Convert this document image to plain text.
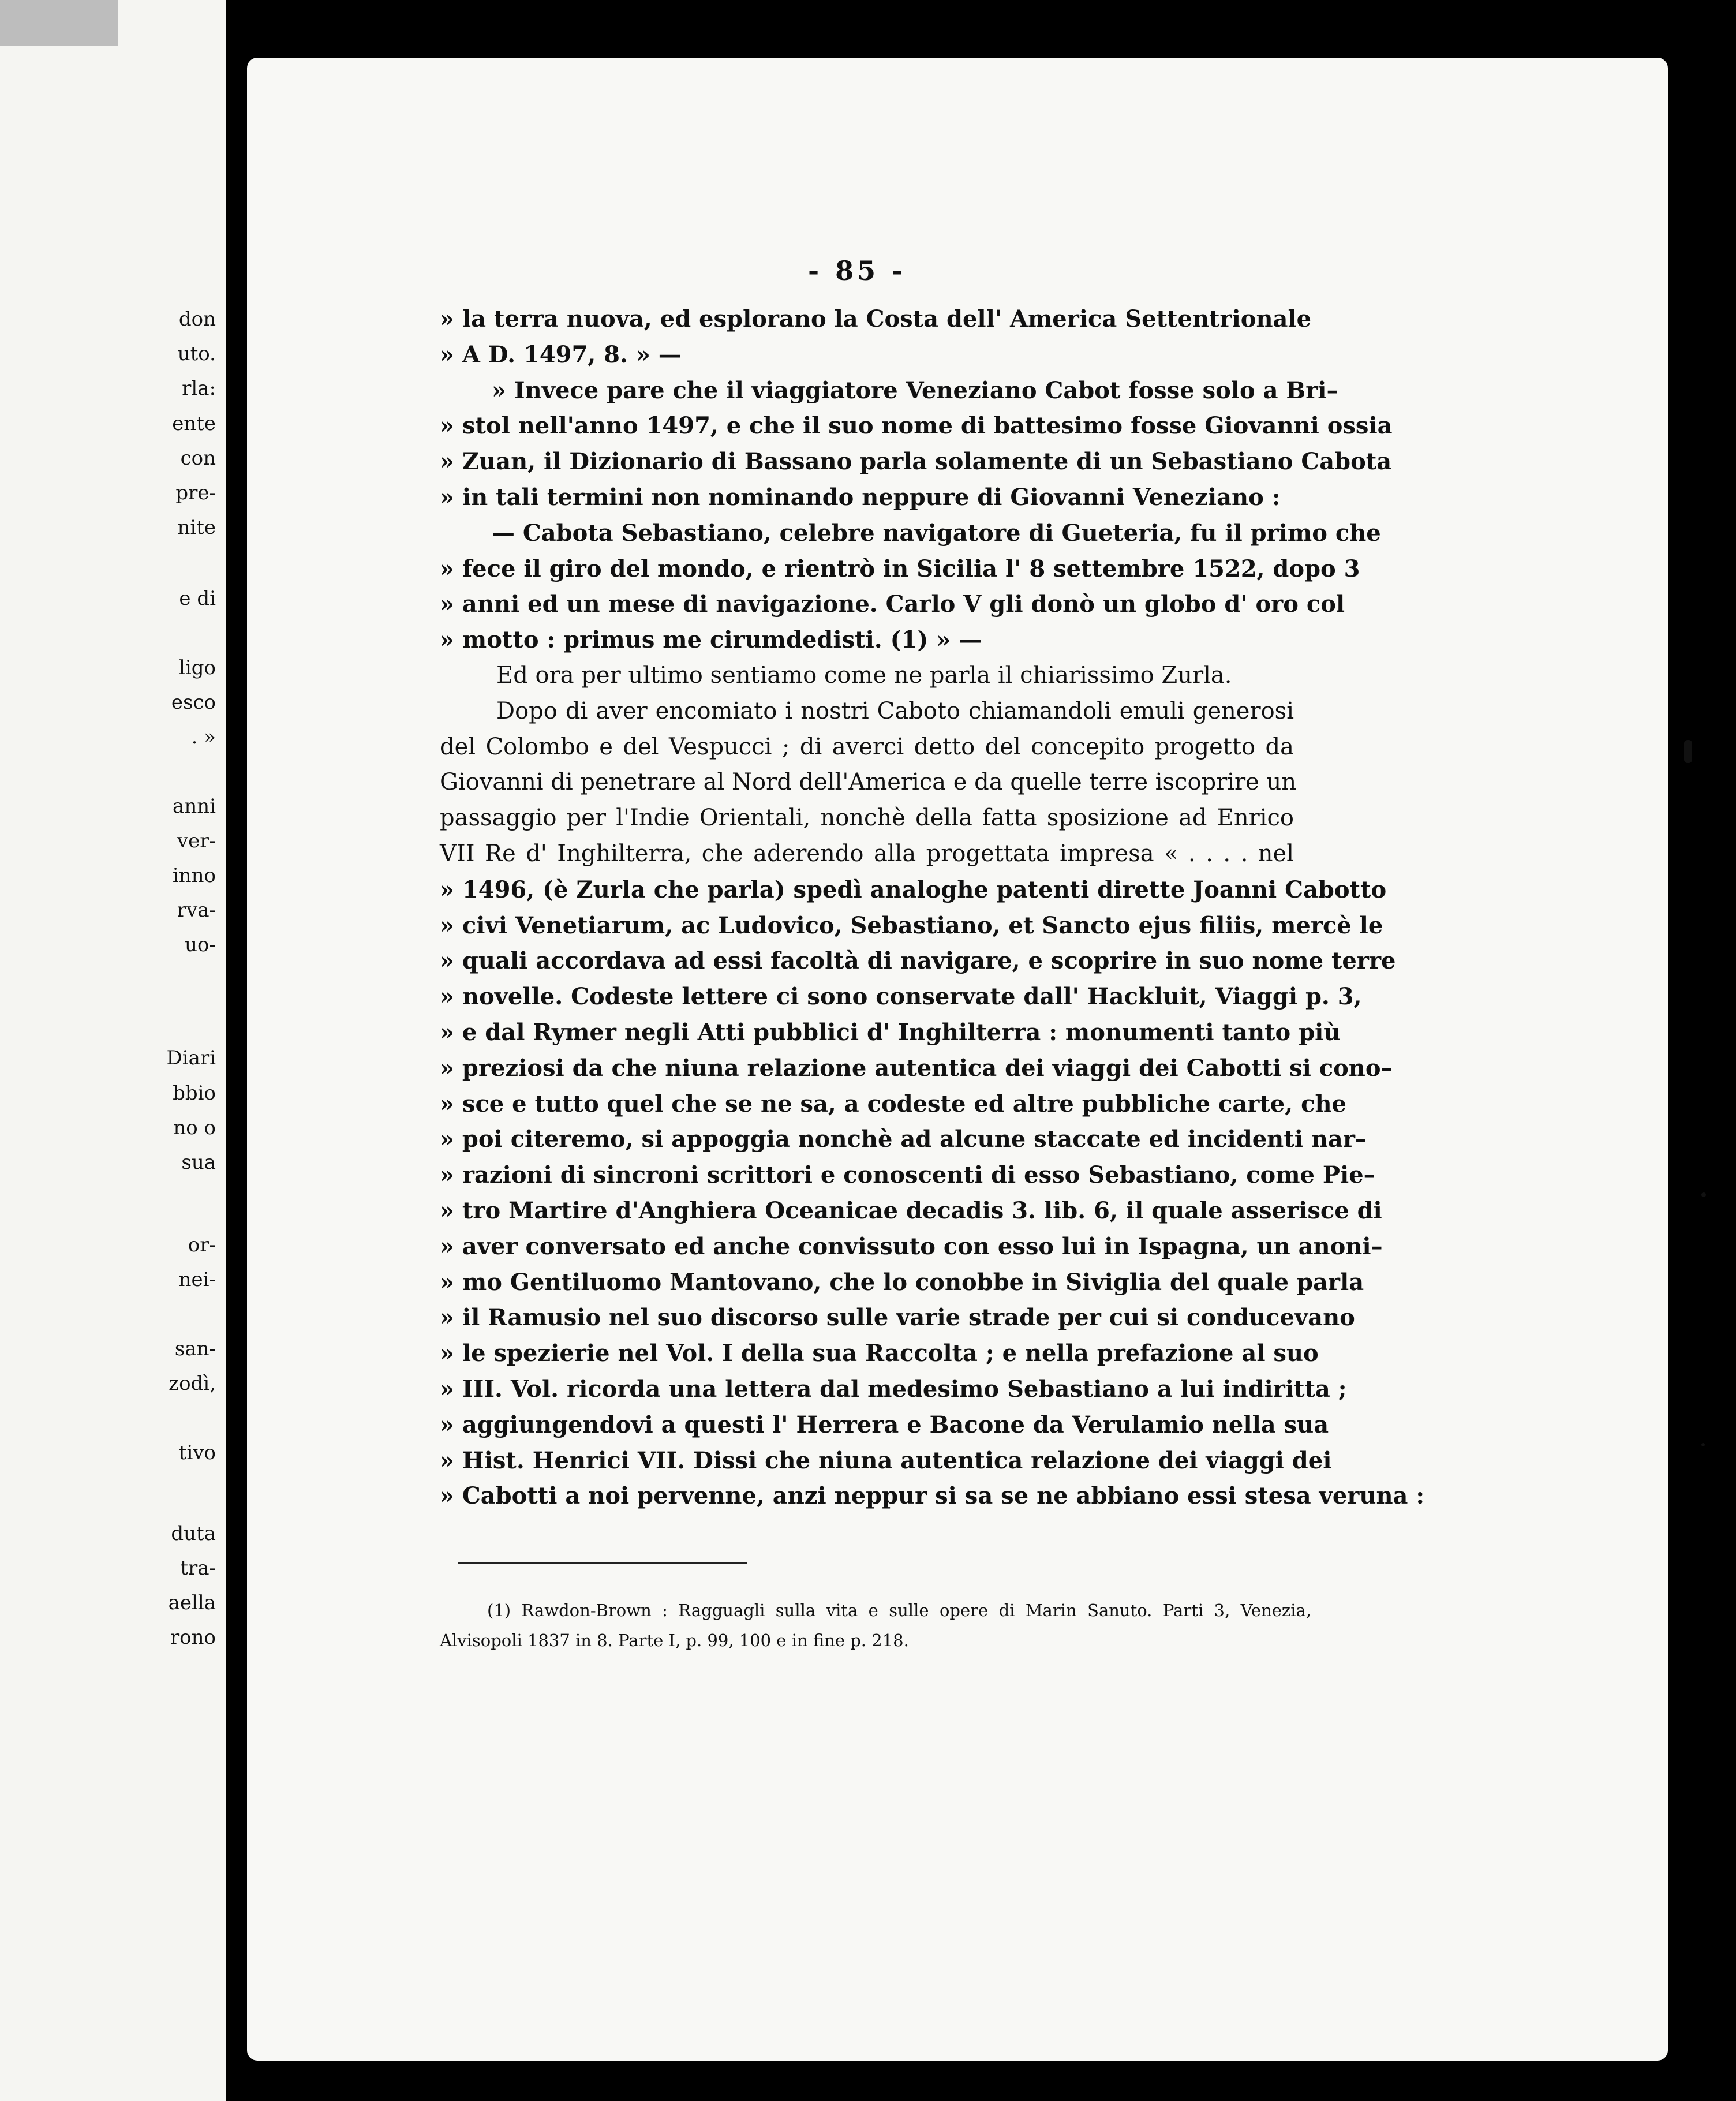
don
uto.
rla:
ente
con
pre-
nite
e di
ligo
esco
. »
anni
ver-
inno
rva-
uo-
Diari
bbio
no o
sua
or-
nei-
san-
zodì,
tivo
duta
tra-
aella
rono
- 85 -
» la terra nuova, ed esplorano la Costa dell' America Settentrionale
» A D. 1497, 8. » —
» Invece pare che il viaggiatore Veneziano Cabot fosse solo a Bri–
» stol nell'anno 1497, e che il suo nome di battesimo fosse Giovanni ossia
» Zuan, il Dizionario di Bassano parla solamente di un Sebastiano Cabota
» in tali termini non nominando neppure di Giovanni Veneziano :
— Cabota Sebastiano, celebre navigatore di Gueteria, fu il primo che
» fece il giro del mondo, e rientrò in Sicilia l' 8 settembre 1522, dopo 3
» anni ed un mese di navigazione. Carlo V gli donò un globo d' oro col
» motto : primus me cirumdedisti. (1) » —
Ed ora per ultimo sentiamo come ne parla il chiarissimo Zurla.
Dopo di aver encomiato i nostri Caboto chiamandoli emuli generosi
del Colombo e del Vespucci ; di averci detto del concepito progetto da
Giovanni di penetrare al Nord dell'America e da quelle terre iscoprire un
passaggio per l'Indie Orientali, nonchè della fatta sposizione ad Enrico
VII Re d' Inghilterra, che aderendo alla progettata impresa « . . . . nel
» 1496, (è Zurla che parla) spedì analoghe patenti dirette Joanni Cabotto
» civi Venetiarum, ac Ludovico, Sebastiano, et Sancto ejus filiis, mercè le
» quali accordava ad essi facoltà di navigare, e scoprire in suo nome terre
» novelle. Codeste lettere ci sono conservate dall' Hackluit, Viaggi p. 3,
» e dal Rymer negli Atti pubblici d' Inghilterra : monumenti tanto più
» preziosi da che niuna relazione autentica dei viaggi dei Cabotti si cono–
» sce e tutto quel che se ne sa, a codeste ed altre pubbliche carte, che
» poi citeremo, si appoggia nonchè ad alcune staccate ed incidenti nar–
» razioni di sincroni scrittori e conoscenti di esso Sebastiano, come Pie–
» tro Martire d'Anghiera Oceanicae decadis 3. lib. 6, il quale asserisce di
» aver conversato ed anche convissuto con esso lui in Ispagna, un anoni–
» mo Gentiluomo Mantovano, che lo conobbe in Siviglia del quale parla
» il Ramusio nel suo discorso sulle varie strade per cui si conducevano
» le spezierie nel Vol. I della sua Raccolta ; e nella prefazione al suo
» III. Vol. ricorda una lettera dal medesimo Sebastiano a lui indiritta ;
» aggiungendovi a questi l' Herrera e Bacone da Verulamio nella sua
» Hist. Henrici VII. Dissi che niuna autentica relazione dei viaggi dei
» Cabotti a noi pervenne, anzi neppur si sa se ne abbiano essi stesa veruna :
(1) Rawdon-Brown : Ragguagli sulla vita e sulle opere di Marin Sanuto. Parti 3, Venezia,
Alvisopoli 1837 in 8. Parte I, p. 99, 100 e in fine p. 218.
